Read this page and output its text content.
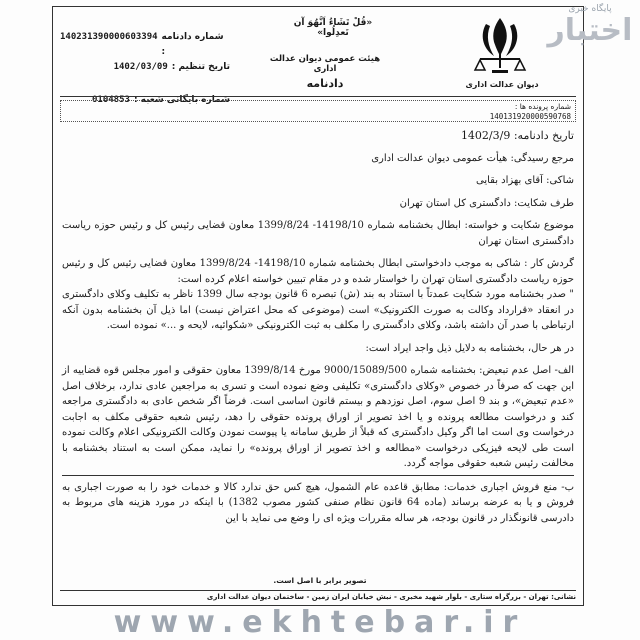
پایگاه خبری
اختبار
دیوان عدالت اداری
«قُلْ تَشَاءُ اَنَّهُوَ آن تَعدِلُوا»
هیئت عمومی دیوان عدالت اداری
دادنامه
شماره دادنامه :
140231390000603394
تاریخ تنظیم :
1402/03/09
شماره بایگانی شعبه :
0104853
شماره پرونده ها :
140131920000590768

تاریخ دادنامه: 1402/3/9

مرجع رسیدگی: هیأت عمومی دیوان عدالت اداری

شاکی: آقای بهزاد بقایی

طرف شکایت: دادگستری کل استان تهران

موضوع شکایت و خواسته: ابطال بخشنامه شماره 14198/10- 1399/8/24 معاون قضایی رئیس کل و رئیس حوزه ریاست دادگستری استان تهران

گردش کار : شاکی به موجب دادخواستی ابطال بخشنامه شماره 14198/10- 1399/8/24 معاون قضایی رئیس کل و رئیس حوزه ریاست دادگستری استان تهران را خواستار شده و در مقام تبیین خواسته اعلام کرده است:

" صدر بخشنامه مورد شکایت عمدتاً با استناد به بند (ش) تبصره 6 قانون بودجه سال 1399 ناظر به تکلیف وکلای دادگستری در انعقاد «قرارداد وکالت به صورت الکترونیک» است (موضوعی که محل اعتراض نیست) اما ذیل آن بخشنامه بدون آنکه ارتباطی با صدر آن داشته باشد، وکلای دادگستری را مکلف به ثبت الکترونیکی «شکوائیه، لایحه و ...» نموده است.

در هر حال، بخشنامه به دلایل ذیل واجد ایراد است:

الف- اصل عدم تبعیض: بخشنامه شماره 9000/15089/500 مورخ 1399/8/14 معاون حقوقی و امور مجلس قوه قضاییه از این جهت که صرفاً در خصوص «وکلای دادگستری» تکلیفی وضع نموده است و تسری به مراجعین عادی ندارد، برخلاف اصل «عدم تبعیض»، و بند 9 اصل سوم، اصل نوزدهم و بیستم قانون اساسی است. فرضاً اگر شخص عادی به دادگستری مراجعه کند و درخواست مطالعه پرونده و یا اخذ تصویر از اوراق پرونده حقوقی را دهد، رئیس شعبه حقوقی مکلف به اجابت درخواست وی است اما اگر وکیل دادگستری که قبلاً از طریق سامانه یا پیوست نمودن وکالت الکترونیکی اعلام وکالت نموده است طی لایحه فیزیکی درخواست «مطالعه و اخذ تصویر از اوراق پرونده» را نماید، ممکن است به استناد بخشنامه با مخالفت رئیس شعبه حقوقی مواجه گردد.

ب- منع فروش اجباری خدمات: مطابق قاعده عام الشمول، هیچ کس حق ندارد کالا و خدمات خود را به صورت اجباری به فروش و یا به عرضه برساند (ماده 64 قانون نظام صنفی کشور مصوب 1382) با اینکه در مورد هزینه های مربوط به دادرسی قانونگذار در قانون بودجه، هر ساله مقررات ویژه ای را وضع می نماید با این

تصویر برابر با اصل است.
نشانی: تهران - بزرگراه ستاری - بلوار شهید مخبری - نبش خیابان ایران زمین - ساختمان دیوان عدالت اداری
www.ekhtebar.ir
